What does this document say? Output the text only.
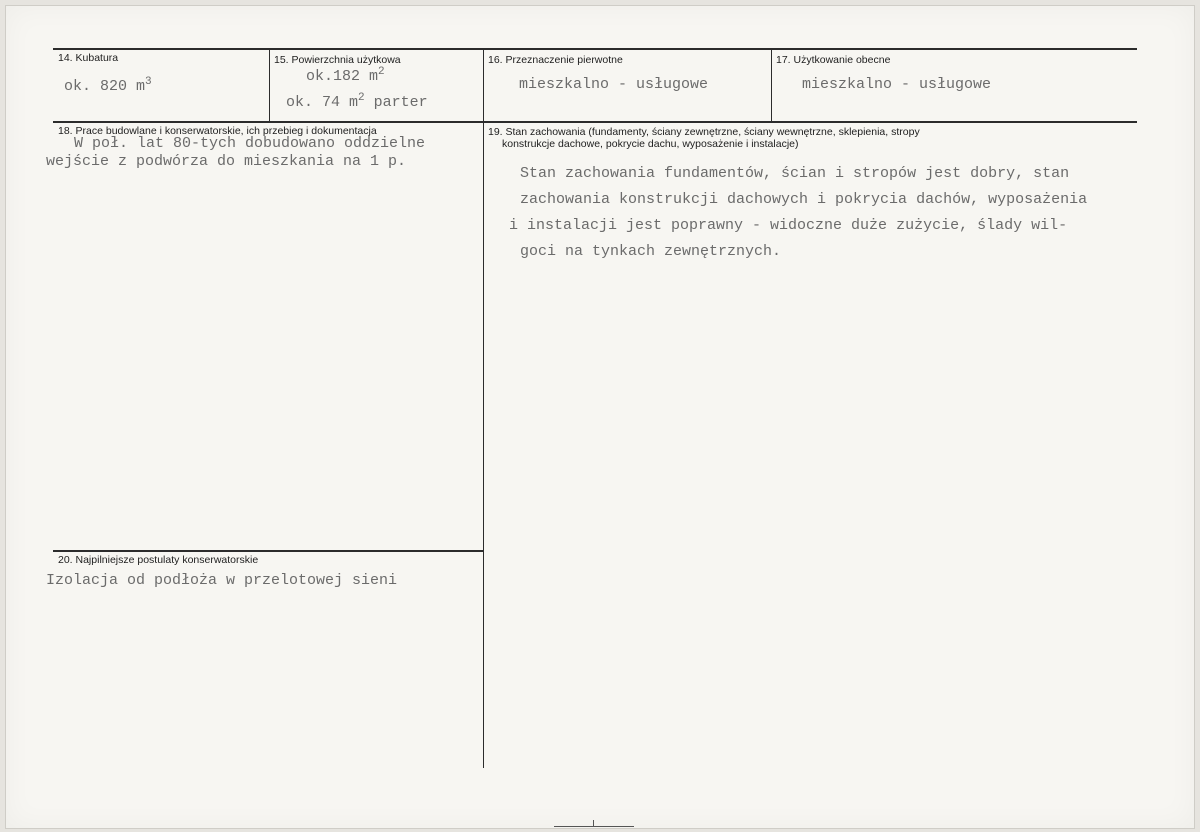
14. Kubatura
ok. 820 $m^3$
15. Powierzchnia użytkowa
ok.182 $m^2$
ok. 74 $m^2$ parter
16. Przeznaczenie pierwotne
mieszkalno - usługowe
17. Użytkowanie obecne
mieszkalno - usługowe
18. Prace budowlane i konserwatorskie, ich przebieg i dokumentacja
W poł. lat 80-tych dobudowano oddzielne
wejście z podwórza do mieszkania na 1 p.
19. Stan zachowania (fundamenty, ściany zewnętrzne, ściany wewnętrzne, sklepienia, stropy
konstrukcje dachowe, pokrycie dachu, wyposażenie i instalacje)
Stan zachowania fundamentów, ścian i stropów jest dobry, stan
zachowania konstrukcji dachowych i pokrycia dachów, wyposażenia
i instalacji jest poprawny - widoczne duże zużycie, ślady wil-
goci na tynkach zewnętrznych.
20. Najpilniejsze postulaty konserwatorskie
Izolacja od podłoża w przelotowej sieni
